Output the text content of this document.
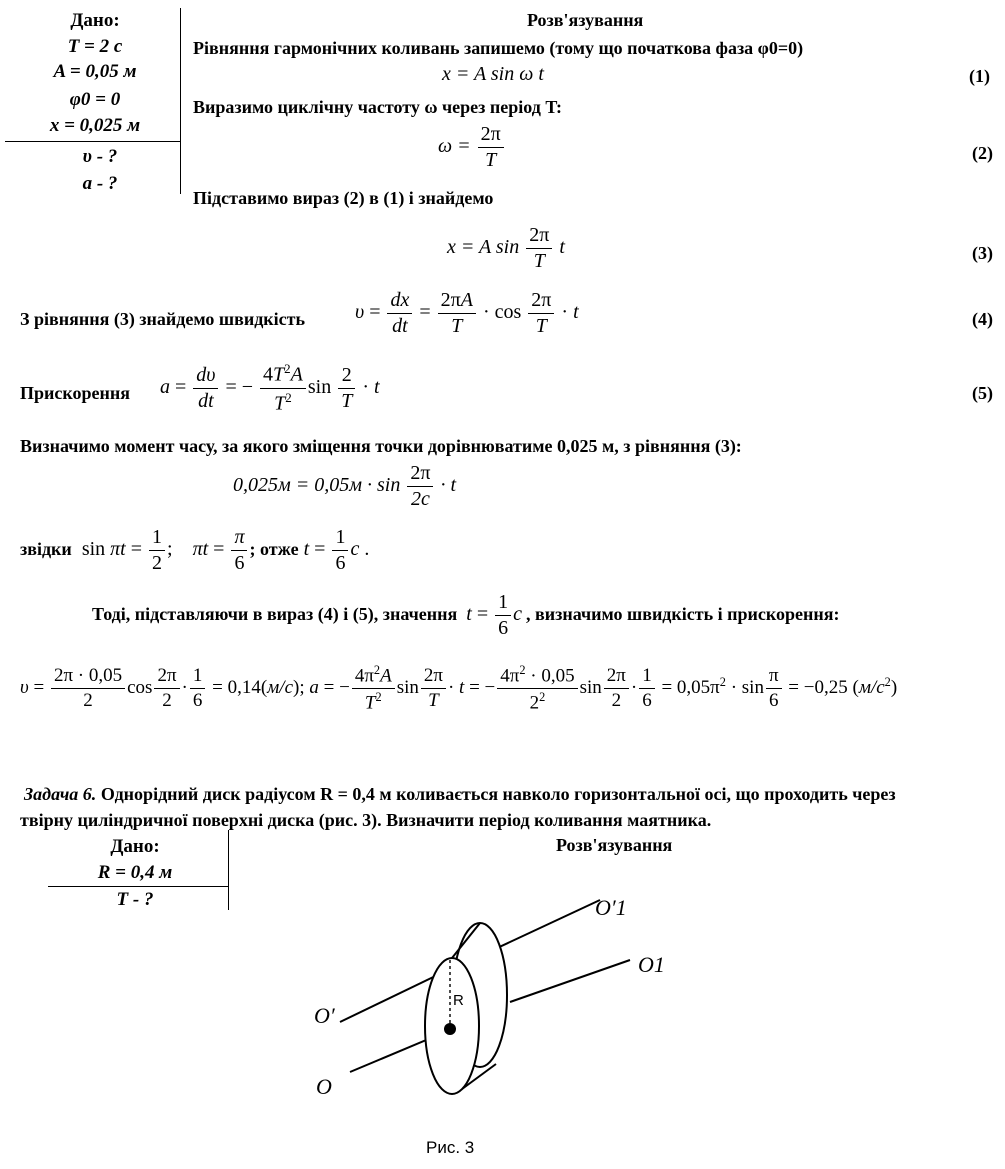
Дано:
T = 2 c
A = 0,05 м
φ0 = 0
x = 0,025 м
υ - ?
a - ?
Розв'язування
Рівняння гармонічних коливань запишемо (тому що початкова фаза φ0=0)
x = A sin ω t	(1)
Виразимо циклічну частоту ω через період T:
$\omega = \frac{2\pi}{T}$	(2)
Підставимо вираз (2) в (1) і знайдемо
x = A $\sin \frac{2\pi}{T}$ t	(3)
З рівняння (3) знайдемо швидкість $\upsilon = \frac{dx}{dt} = \frac{2\pi A}{T} \cdot \cos \frac{2\pi}{T} \cdot t$	(4)
Прискорення $a = \frac{d\upsilon}{dt}$ = − $\frac{4T^2A}{T^2}$ $\sin \frac{2}{T} \cdot t$	(5)
Визначимо момент часу, за якого зміщення точки дорівнюватиме 0,025 м, з рівняння (3):
$0,025м = 0,05м \cdot \sin \frac{2\pi}{2c} \cdot t$
звідки  $\sin \pi t = \frac{1}{2}$ ;    $\pi t = \frac{\pi}{6}$ ; отже $t = \frac{1}{6}$ c .
Тоді, підставляючи в вираз (4) і (5), значення $t = \frac{1}{6}$ c , визначимо швидкість і прискорення:
$\upsilon = \frac{2\pi \cdot 0,05}{2}$ $\cos \frac{2\pi}{2} \cdot \frac{1}{6} = 0,14(м/с)$; a = − $\frac{4\pi^2A}{T^2}$ $\sin \frac{2\pi}{T} \cdot t$ = − $\frac{4\pi^2 \cdot 0,05}{2^2}$ $\sin \frac{2\pi}{2} \cdot \frac{1}{6} = 0,05\pi^2 \cdot \sin \frac{\pi}{6} = -0,25$ $(м/с^2)$
Задача 6. Однорідний диск радіусом R = 0,4 м коливається навколо горизонтальної осі, що проходить через
твірну циліндричної поверхні диска (рис. 3). Визначити період коливання маятника.
Дано:
R = 0,4 м
T - ?
Розв'язування
R
O′1
O1
O′
O
Рис. 3
